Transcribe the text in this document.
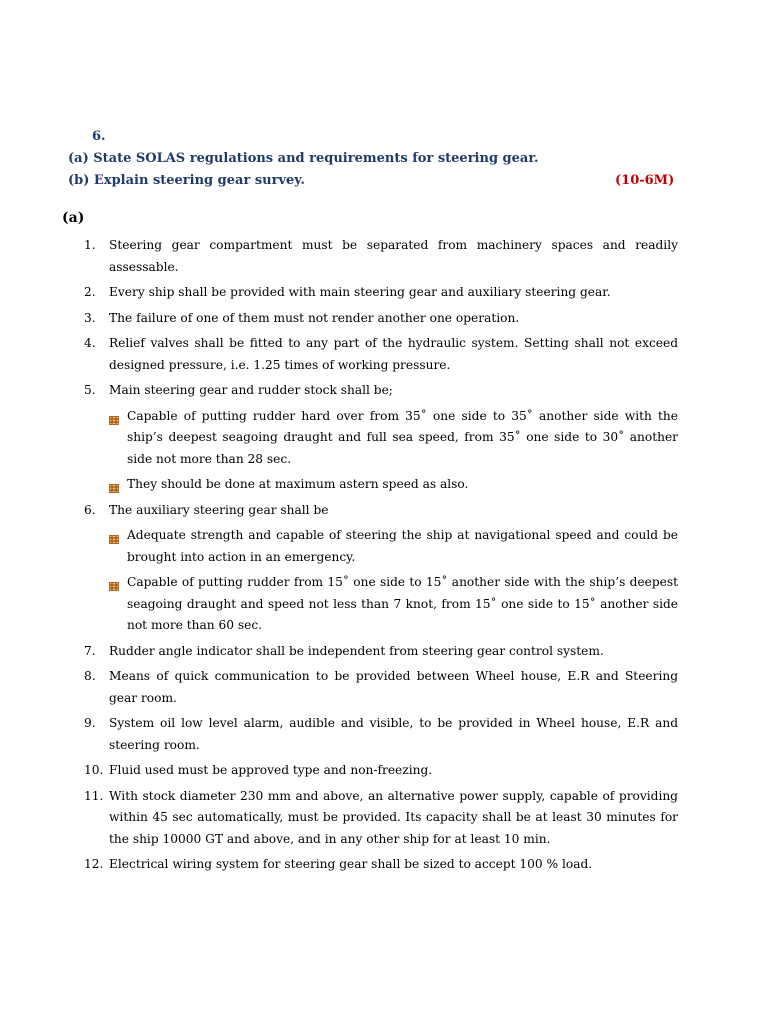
6.
(a) State SOLAS regulations and requirements for steering gear.
(b) Explain steering gear survey.	(10-6M)
(a)
1. Steering gear compartment must be separated from machinery spaces and readily assessable.
2. Every ship shall be provided with main steering gear and auxiliary steering gear.
3. The failure of one of them must not render another one operation.
4. Relief valves shall be fitted to any part of the hydraulic system. Setting shall not exceed designed pressure, i.e. 1.25 times of working pressure.
5. Main steering gear and rudder stock shall be;
Capable of putting rudder hard over from 35˚ one side to 35˚ another side with the ship’s deepest seagoing draught and full sea speed, from 35˚ one side to 30˚ another side not more than 28 sec.
They should be done at maximum astern speed as also.
6. The auxiliary steering gear shall be
Adequate strength and capable of steering the ship at navigational speed and could be brought into action in an emergency.
Capable of putting rudder from 15˚ one side to 15˚ another side with the ship’s deepest seagoing draught and speed not less than 7 knot, from 15˚ one side to 15˚ another side not more than 60 sec.
7. Rudder angle indicator shall be independent from steering gear control system.
8. Means of quick communication to be provided between Wheel house, E.R and Steering gear room.
9. System oil low level alarm, audible and visible, to be provided in Wheel house, E.R and steering room.
10. Fluid used must be approved type and non-freezing.
11. With stock diameter 230 mm and above, an alternative power supply, capable of providing within 45 sec automatically, must be provided. Its capacity shall be at least 30 minutes for the ship 10000 GT and above, and in any other ship for at least 10 min.
12. Electrical wiring system for steering gear shall be sized to accept 100 % load.
